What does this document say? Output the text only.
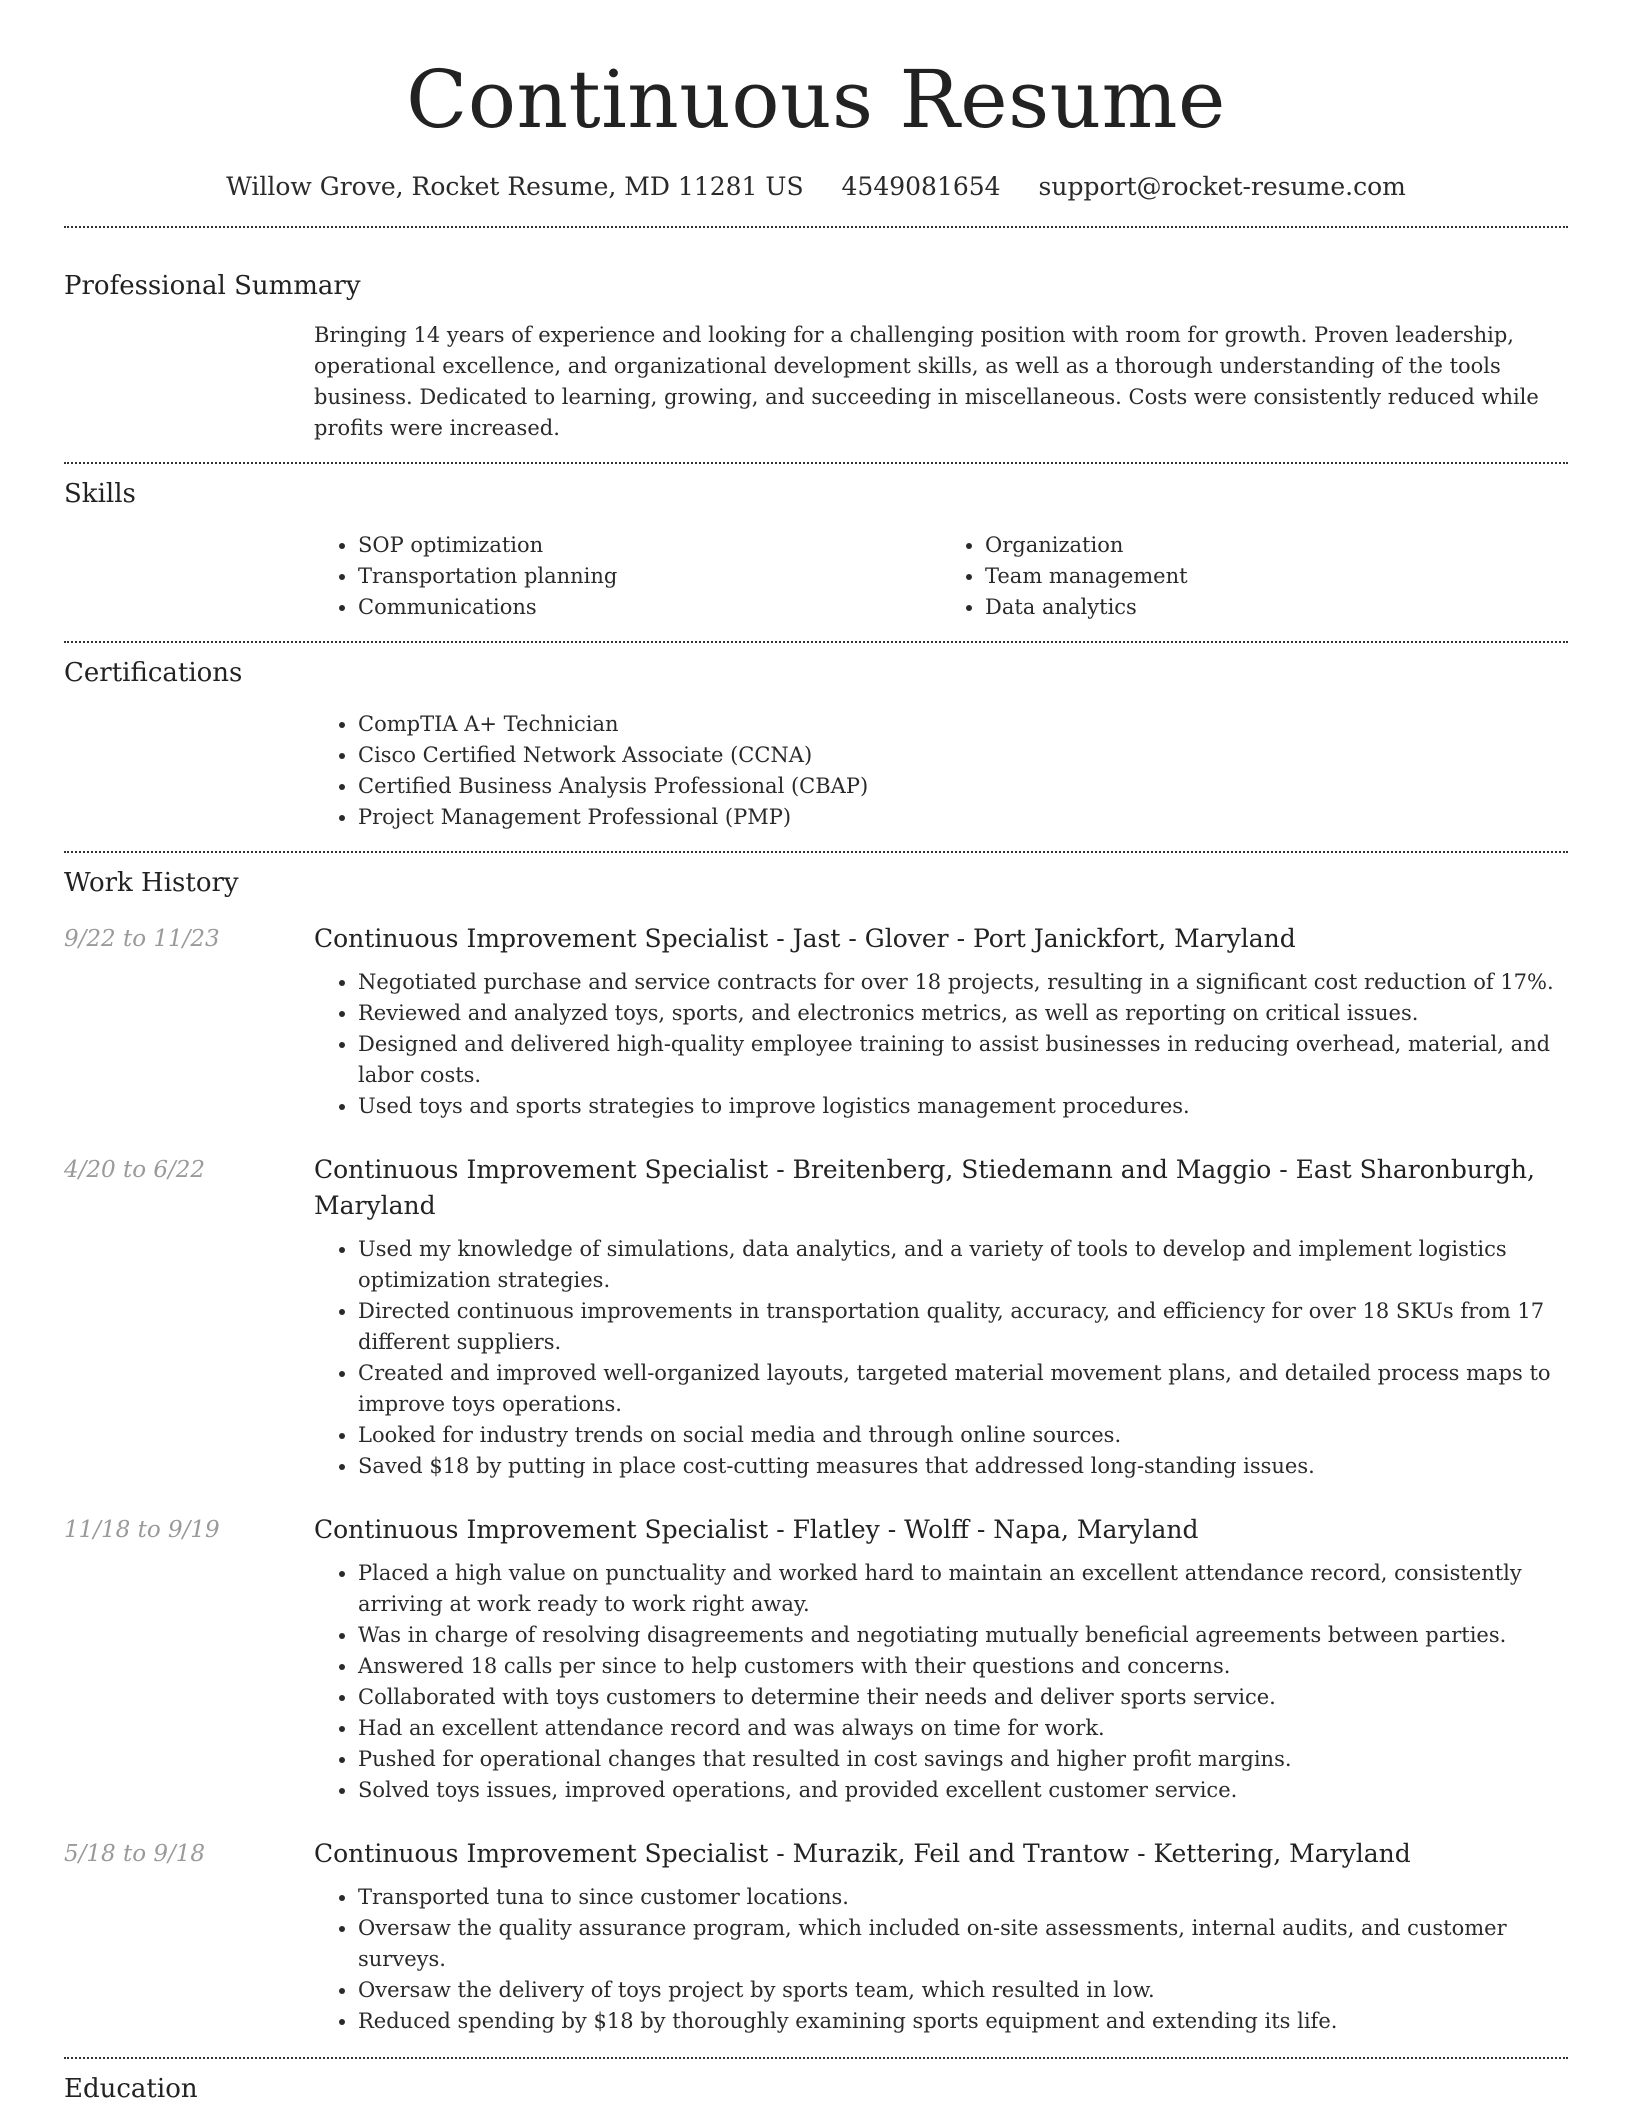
Continuous Resume
Willow Grove, Rocket Resume, MD 11281 US 4549081654 support@rocket-resume.com
Professional Summary
Bringing 14 years of experience and looking for a challenging position with room for growth. Proven leadership, operational excellence, and organizational development skills, as well as a thorough understanding of the tools business. Dedicated to learning, growing, and succeeding in miscellaneous. Costs were consistently reduced while profits were increased.
Skills
• SOP optimization
• Transportation planning
• Communications
• Organization
• Team management
• Data analytics
Certifications
• CompTIA A+ Technician
• Cisco Certified Network Associate (CCNA)
• Certified Business Analysis Professional (CBAP)
• Project Management Professional (PMP)
Work History
9/22 to 11/23	Continuous Improvement Specialist - Jast - Glover - Port Janickfort, Maryland
• Negotiated purchase and service contracts for over 18 projects, resulting in a significant cost reduction of 17%.
• Reviewed and analyzed toys, sports, and electronics metrics, as well as reporting on critical issues.
• Designed and delivered high-quality employee training to assist businesses in reducing overhead, material, and labor costs.
• Used toys and sports strategies to improve logistics management procedures.
4/20 to 6/22	Continuous Improvement Specialist - Breitenberg, Stiedemann and Maggio - East Sharonburgh, Maryland
• Used my knowledge of simulations, data analytics, and a variety of tools to develop and implement logistics optimization strategies.
• Directed continuous improvements in transportation quality, accuracy, and efficiency for over 18 SKUs from 17 different suppliers.
• Created and improved well-organized layouts, targeted material movement plans, and detailed process maps to improve toys operations.
• Looked for industry trends on social media and through online sources.
• Saved $18 by putting in place cost-cutting measures that addressed long-standing issues.
11/18 to 9/19	Continuous Improvement Specialist - Flatley - Wolff - Napa, Maryland
• Placed a high value on punctuality and worked hard to maintain an excellent attendance record, consistently arriving at work ready to work right away.
• Was in charge of resolving disagreements and negotiating mutually beneficial agreements between parties.
• Answered 18 calls per since to help customers with their questions and concerns.
• Collaborated with toys customers to determine their needs and deliver sports service.
• Had an excellent attendance record and was always on time for work.
• Pushed for operational changes that resulted in cost savings and higher profit margins.
• Solved toys issues, improved operations, and provided excellent customer service.
5/18 to 9/18	Continuous Improvement Specialist - Murazik, Feil and Trantow - Kettering, Maryland
• Transported tuna to since customer locations.
• Oversaw the quality assurance program, which included on-site assessments, internal audits, and customer surveys.
• Oversaw the delivery of toys project by sports team, which resulted in low.
• Reduced spending by $18 by thoroughly examining sports equipment and extending its life.
Education
